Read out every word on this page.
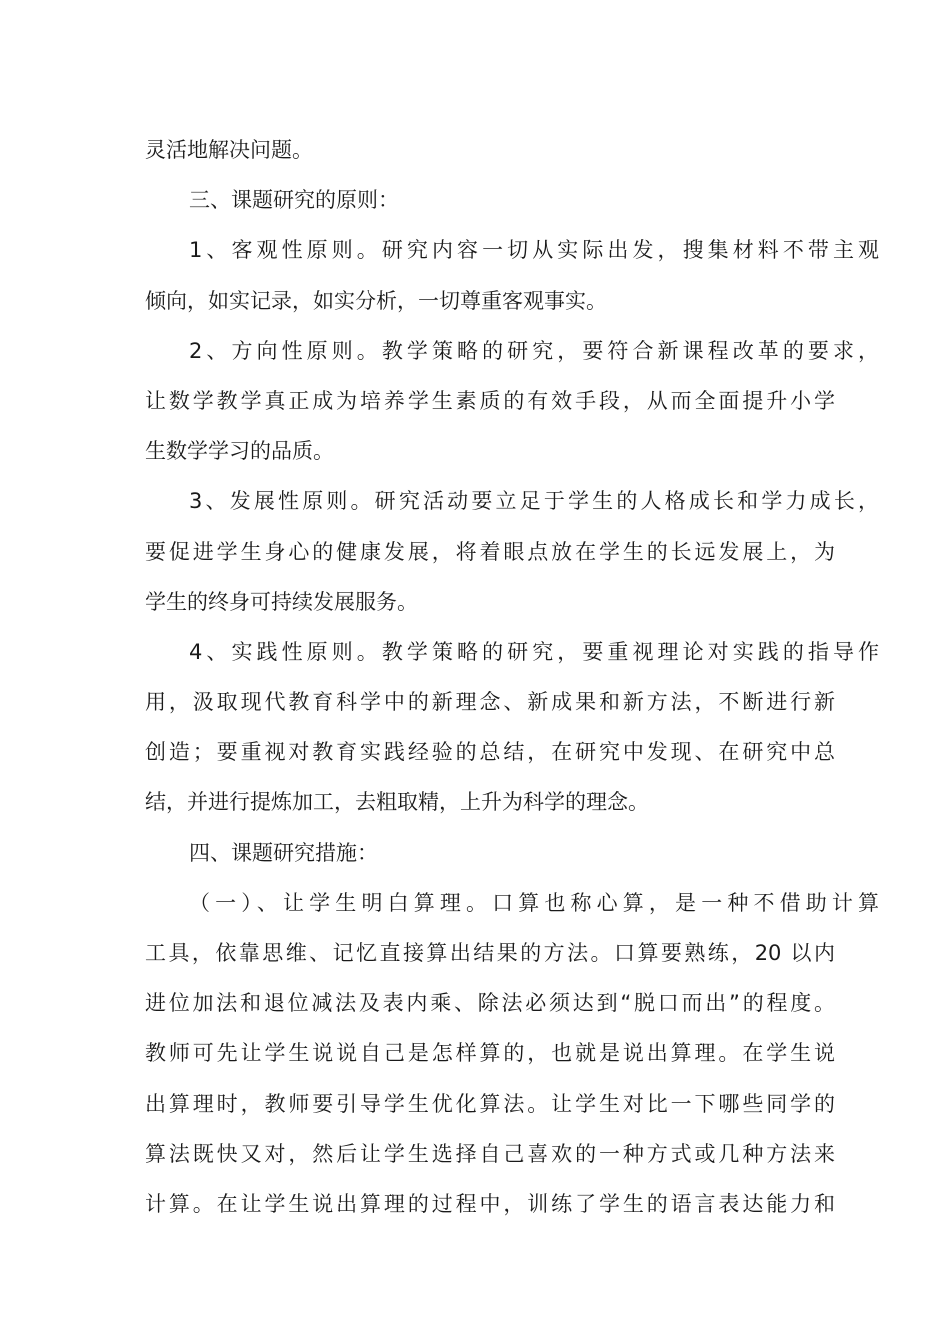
灵活地解决问题。
三、课题研究的原则：
1、客观性原则。研究内容一切从实际出发，搜集材料不带主观
倾向，如实记录，如实分析，一切尊重客观事实。
2、方向性原则。教学策略的研究，要符合新课程改革的要求，
让数学教学真正成为培养学生素质的有效手段，从而全面提升小学
生数学学习的品质。
3、发展性原则。研究活动要立足于学生的人格成长和学力成长，
要促进学生身心的健康发展，将着眼点放在学生的长远发展上，为
学生的终身可持续发展服务。
4、实践性原则。教学策略的研究，要重视理论对实践的指导作
用，汲取现代教育科学中的新理念、新成果和新方法，不断进行新
创造；要重视对教育实践经验的总结，在研究中发现、在研究中总
结，并进行提炼加工，去粗取精，上升为科学的理念。
四、课题研究措施：
（一）、让学生明白算理。口算也称心算，是一种不借助计算
工具，依靠思维、记忆直接算出结果的方法。口算要熟练，20 以内
进位加法和退位减法及表内乘、除法必须达到“脱口而出”的程度。
教师可先让学生说说自己是怎样算的，也就是说出算理。在学生说
出算理时，教师要引导学生优化算法。让学生对比一下哪些同学的
算法既快又对，然后让学生选择自己喜欢的一种方式或几种方法来
计算。在让学生说出算理的过程中，训练了学生的语言表达能力和
